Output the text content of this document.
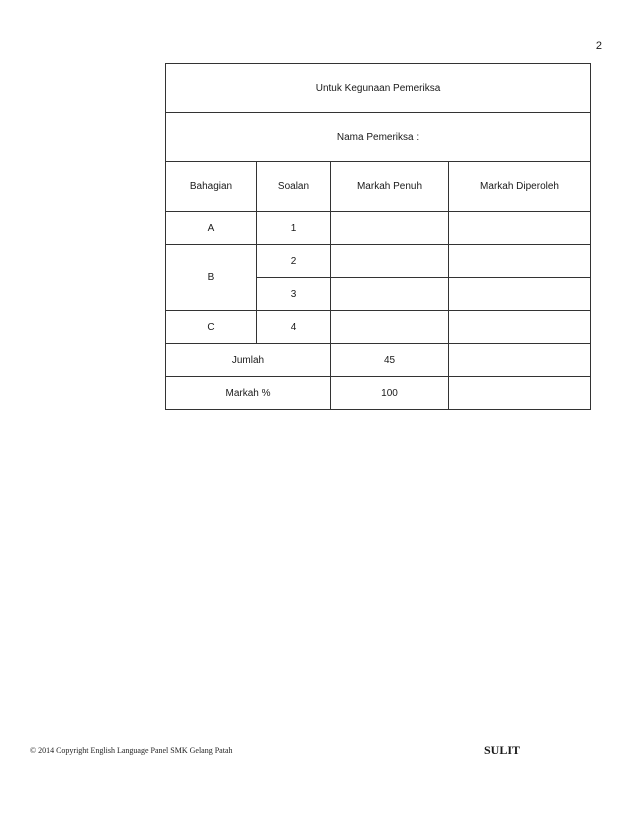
2
Untuk Kegunaan Pemeriksa			
Nama Pemeriksa :			
Bahagian	Soalan	Markah Penuh	Markah Diperoleh
A	1		
B	2		
	3		
C	4		
Jumlah		45	
Markah %		100	
© 2014 Copyright English Language Panel SMK Gelang Patah	SULIT
